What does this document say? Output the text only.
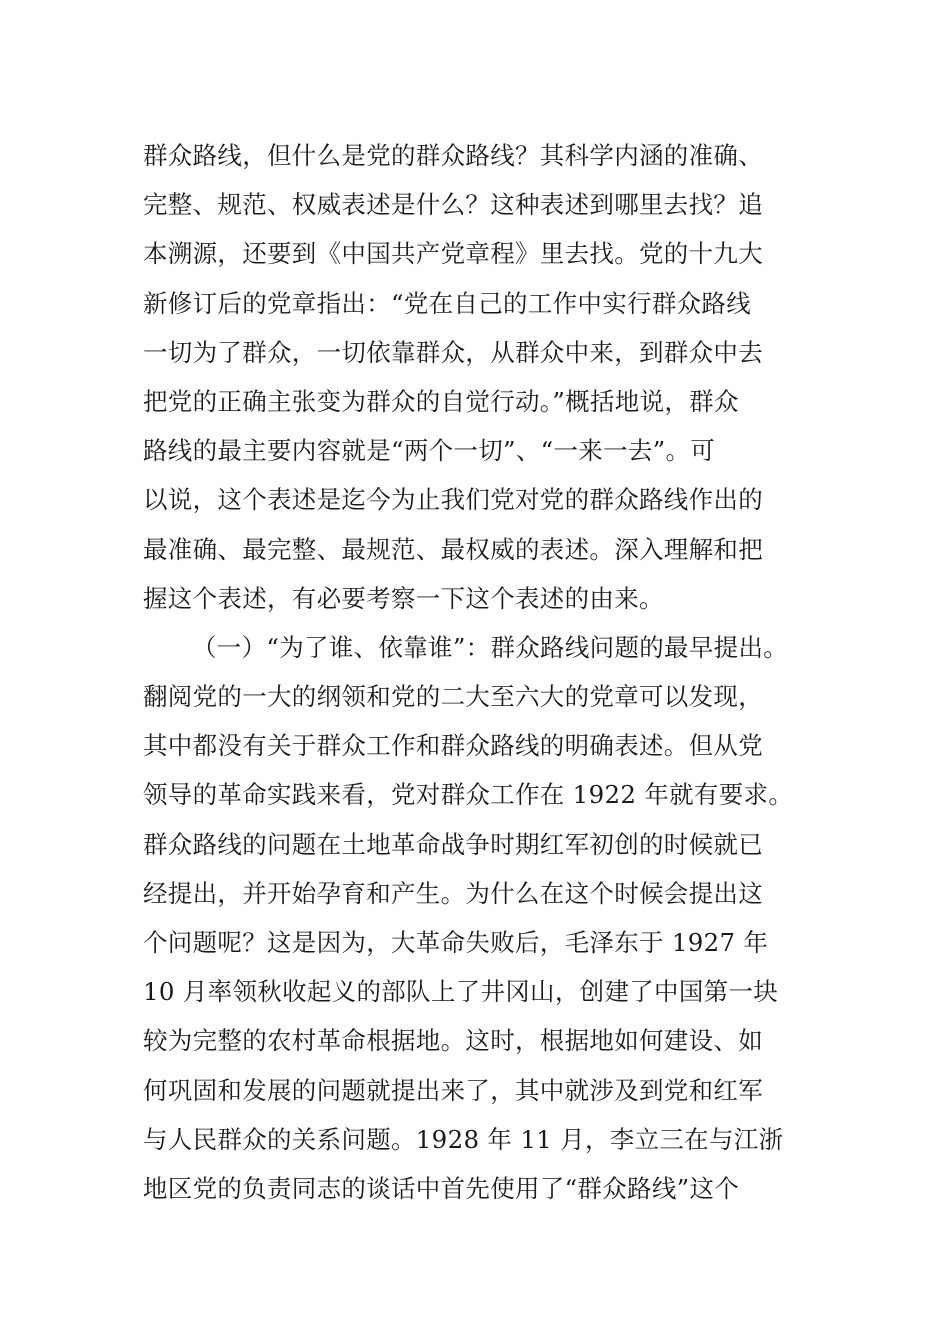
群众路线，但什么是党的群众路线？其科学内涵的准确、
完整、规范、权威表述是什么？这种表述到哪里去找？追
本溯源，还要到《中国共产党章程》里去找。党的十九大
新修订后的党章指出：“党在自己的工作中实行群众路线
一切为了群众，一切依靠群众，从群众中来，到群众中去
把党的正确主张变为群众的自觉行动。”概括地说，群众
路线的最主要内容就是“两个一切”、“一来一去”。可
以说，这个表述是迄今为止我们党对党的群众路线作出的
最准确、最完整、最规范、最权威的表述。深入理解和把
握这个表述，有必要考察一下这个表述的由来。
（一）“为了谁、依靠谁”：群众路线问题的最早提出。
翻阅党的一大的纲领和党的二大至六大的党章可以发现，
其中都没有关于群众工作和群众路线的明确表述。但从党
领导的革命实践来看，党对群众工作在 1922 年就有要求。
群众路线的问题在土地革命战争时期红军初创的时候就已
经提出，并开始孕育和产生。为什么在这个时候会提出这
个问题呢？这是因为，大革命失败后，毛泽东于 1927 年
10 月率领秋收起义的部队上了井冈山，创建了中国第一块
较为完整的农村革命根据地。这时，根据地如何建设、如
何巩固和发展的问题就提出来了，其中就涉及到党和红军
与人民群众的关系问题。1928 年 11 月，李立三在与江浙
地区党的负责同志的谈话中首先使用了“群众路线”这个
